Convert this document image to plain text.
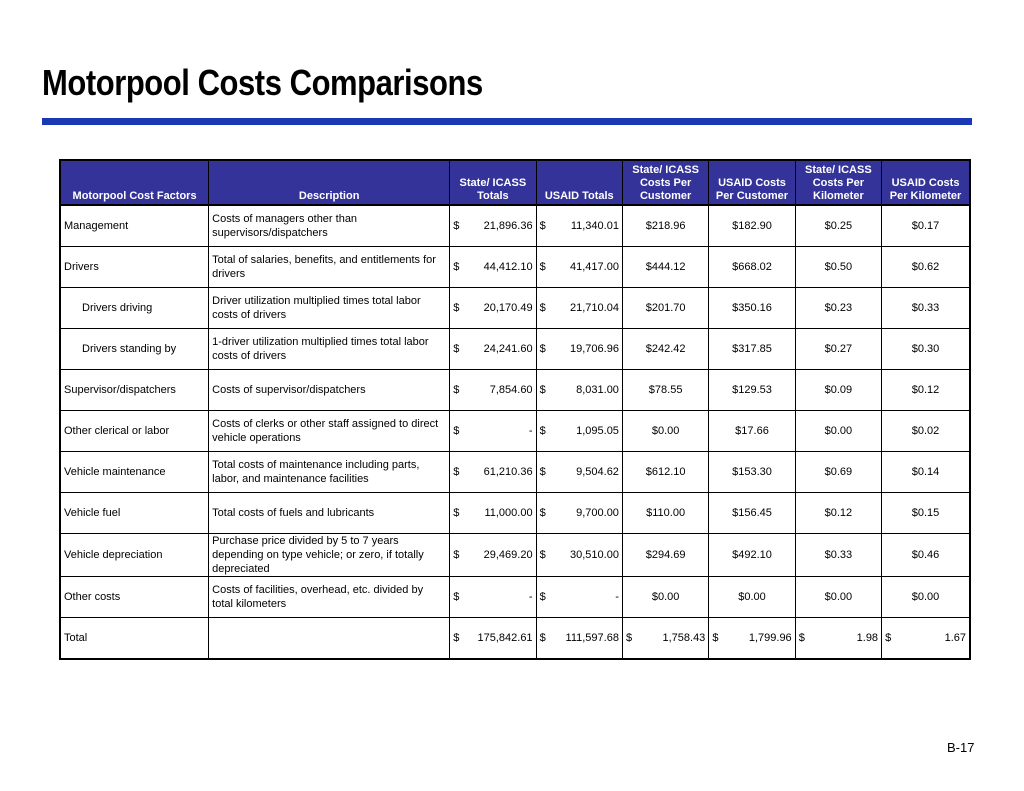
Motorpool Costs Comparisons
Motorpool Cost Factors	Description	State/ ICASS Totals	USAID Totals	State/ ICASS Costs Per Customer	USAID Costs Per Customer	State/ ICASS Costs Per Kilometer	USAID Costs Per Kilometer
Management	Costs of managers other than supervisors/dispatchers	$ 21,896.36	$ 11,340.01	$218.96	$182.90	$0.25	$0.17
Drivers	Total of salaries, benefits, and entitlements for drivers	$ 44,412.10	$ 41,417.00	$444.12	$668.02	$0.50	$0.62
Drivers driving	Driver utilization multiplied times total labor costs of drivers	$ 20,170.49	$ 21,710.04	$201.70	$350.16	$0.23	$0.33
Drivers standing by	1-driver utilization multiplied times total labor costs of drivers	$ 24,241.60	$ 19,706.96	$242.42	$317.85	$0.27	$0.30
Supervisor/dispatchers	Costs of supervisor/dispatchers	$ 7,854.60	$ 8,031.00	$78.55	$129.53	$0.09	$0.12
Other clerical or labor	Costs of clerks or other staff assigned to direct vehicle operations	$ -	$ 1,095.05	$0.00	$17.66	$0.00	$0.02
Vehicle maintenance	Total costs of maintenance including parts, labor, and maintenance facilities	$ 61,210.36	$ 9,504.62	$612.10	$153.30	$0.69	$0.14
Vehicle fuel	Total costs of fuels and lubricants	$ 11,000.00	$ 9,700.00	$110.00	$156.45	$0.12	$0.15
Vehicle depreciation	Purchase price divided by 5 to 7 years depending on type vehicle; or zero, if totally depreciated	$ 29,469.20	$ 30,510.00	$294.69	$492.10	$0.33	$0.46
Other costs	Costs of facilities, overhead, etc. divided by total kilometers	$ -	$ -	$0.00	$0.00	$0.00	$0.00
Total		$ 175,842.61	$ 111,597.68	$ 1,758.43	$ 1,799.96	$ 1.98	$ 1.67
B-17
